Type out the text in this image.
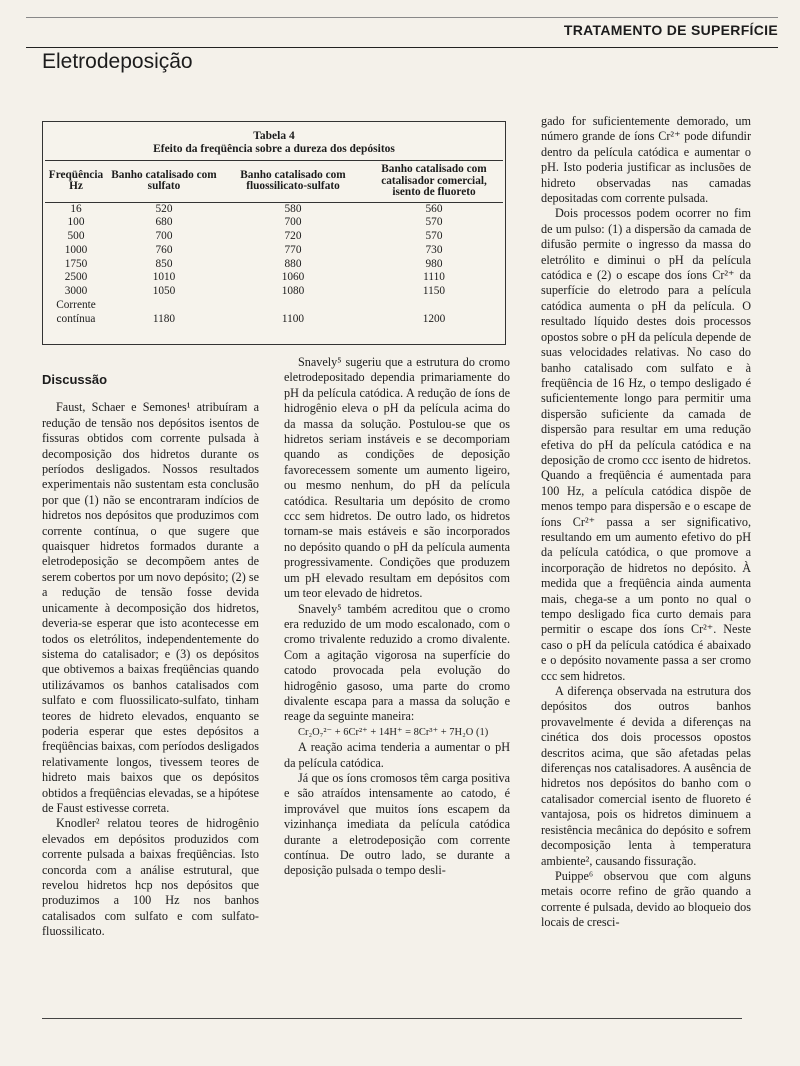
TRATAMENTO DE SUPERFÍCIE
Eletrodeposição
Tabela 4
Efeito da freqüência sobre a dureza dos depósitos
Freqüência Hz	Banho catalisado com sulfato	Banho catalisado com fluossilicato-sulfato	Banho catalisado com catalisador comercial, isento de fluoreto
16	520	580	560
100	680	700	570
500	700	720	570
1000	760	770	730
1750	850	880	980
2500	1010	1060	1110
3000	1050	1080	1150
Corrente			
contínua	1180	1100	1200
Discussão

Faust, Schaer e Semones¹ atribuíram a redução de tensão nos depósitos isentos de fissuras obtidos com corrente pulsada à decomposição dos hidretos durante os períodos desligados. Nossos resultados experimentais não sustentam esta conclusão por que (1) não se encontraram indícios de hidretos nos depósitos que produzimos com corrente contínua, o que sugere que quaisquer hidretos formados durante a eletrodeposição se decompõem antes de serem cobertos por um novo depósito; (2) se a redução de tensão fosse devida unicamente à decomposição dos hidretos, deveria-se esperar que isto acontecesse em todos os eletrólitos, independentemente do sistema do catalisador; e (3) os depósitos que obtivemos a baixas freqüências quando utilizávamos os banhos catalisados com sulfato e com fluossilicato-sulfato, tinham teores de hidreto elevados, enquanto se poderia esperar que estes depósitos a freqüências baixas, com períodos desligados relativamente longos, tivessem teores de hidreto mais baixos que os depósitos obtidos a freqüências elevadas, se a hipótese de Faust estivesse correta.

Knodler² relatou teores de hidrogênio elevados em depósitos produzidos com corrente pulsada a baixas freqüências. Isto concorda com a análise estrutural, que revelou hidretos hcp nos depósitos que produzimos a 100 Hz nos banhos catalisados com sulfato e com sulfato-fluossilicato.

Snavely⁵ sugeriu que a estrutura do cromo eletrodepositado dependia primariamente do pH da película catódica. A redução de íons de hidrogênio eleva o pH da película acima do da massa da solução. Postulou-se que os hidretos seriam instáveis e se decomporiam quando as condições de deposição favorecessem somente um aumento ligeiro, ou mesmo nenhum, do pH da película catódica. Resultaria um depósito de cromo ccc sem hidretos. De outro lado, os hidretos tornam-se mais estáveis e são incorporados no depósito quando o pH da película aumenta progressivamente. Condições que produzem um pH elevado resultam em depósitos com um teor elevado de hidretos.

Snavely⁵ também acreditou que o cromo era reduzido de um modo escalonado, com o cromo trivalente reduzido a cromo divalente. Com a agitação vigorosa na superfície do catodo provocada pela evolução do hidrogênio gasoso, uma parte do cromo divalente escapa para a massa da solução e reage da seguinte maneira:

Cr₂O₇²⁻ + 6Cr²⁺ + 14H⁺ = 8Cr³⁺ + 7H₂O (1)

A reação acima tenderia a aumentar o pH da película catódica.

Já que os íons cromosos têm carga positiva e são atraídos intensamente ao catodo, é improvável que muitos íons escapem da vizinhança imediata da película catódica durante a eletrodeposição com corrente contínua. De outro lado, se durante a deposição pulsada o tempo desli-

gado for suficientemente demorado, um número grande de íons Cr²⁺ pode difundir dentro da película catódica e aumentar o pH. Isto poderia justificar as inclusões de hidreto observadas nas camadas depositadas com corrente pulsada.

Dois processos podem ocorrer no fim de um pulso: (1) a dispersão da camada de difusão permite o ingresso da massa do eletrólito e diminui o pH da película catódica e (2) o escape dos íons Cr²⁺ da superfície do eletrodo para a película catódica aumenta o pH da película. O resultado líquido destes dois processos opostos sobre o pH da película depende de suas velocidades relativas. No caso do banho catalisado com sulfato e à freqüência de 16 Hz, o tempo desligado é suficientemente longo para permitir uma dispersão suficiente da camada de dispersão para resultar em uma redução efetiva do pH da película catódica e na deposição de cromo ccc isento de hidretos. Quando a freqüência é aumentada para 100 Hz, a película catódica dispõe de menos tempo para dispersão e o escape de íons Cr²⁺ passa a ser significativo, resultando em um aumento efetivo do pH da película catódica, o que promove a incorporação de hidretos no depósito. À medida que a freqüência ainda aumenta mais, chega-se a um ponto no qual o tempo desligado fica curto demais para permitir o escape dos íons Cr²⁺. Neste caso o pH da película catódica é abaixado e o depósito novamente passa a ser cromo ccc sem hidretos.

A diferença observada na estrutura dos depósitos dos outros banhos provavelmente é devida a diferenças na cinética dos dois processos opostos descritos acima, que são afetadas pelas diferenças nos catalisadores. A ausência de hidretos nos depósitos do banho com o catalisador comercial isento de fluoreto é vantajosa, pois os hidretos diminuem a resistência mecânica do depósito e sofrem decomposição lenta à temperatura ambiente², causando fissuração.

Puippe⁶ observou que com alguns metais ocorre refino de grão quando a corrente é pulsada, devido ao bloqueio dos locais de cresci-
